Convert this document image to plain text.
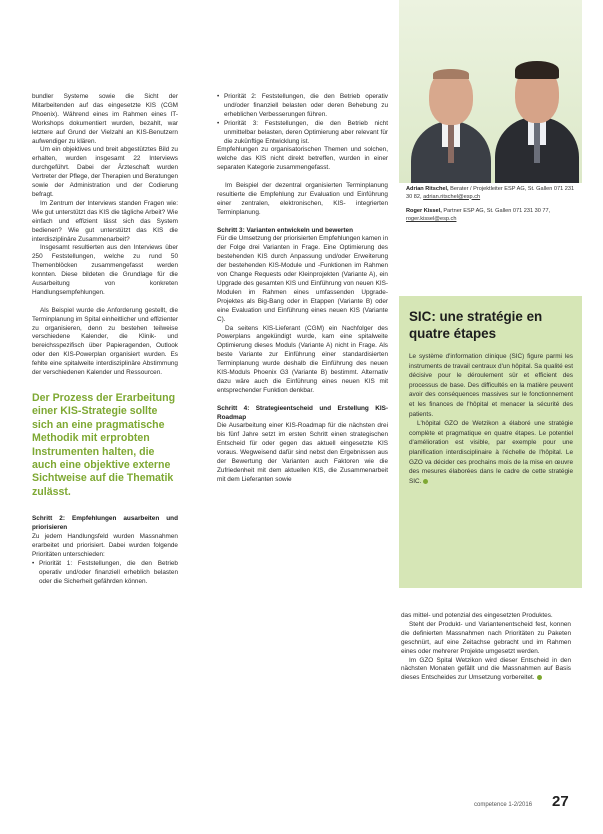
bundler Systeme sowie die Sicht der Mitarbeitenden auf das eingesetzte KIS (CGM Phoenix). Während eines im Rahmen eines IT-Workshops dokumentiert wurden, bezahlt, war letztere auf Grund der Vielzahl an KIS-Benutzern aufwendiger zu klären.

Um ein objektives und breit abgestütztes Bild zu erhalten, wurden insgesamt 22 Interviews durchgeführt. Dabei der Ärzteschaft wurden Vertreter der Pflege, der Therapien und Beratungen sowie der Administration und der Codierung befragt.

Im Zentrum der Interviews standen Fragen wie: Wie gut unterstützt das KIS die tägliche Arbeit? Wie einfach und effizient lässt sich das System bedienen? Wie gut unterstützt das KIS die interdisziplinäre Zusammenarbeit?

Insgesamt resultierten aus den Interviews über 250 Feststellungen, welche zu rund 50 Themenblöcken zusammengefasst werden konnten. Diese bildeten die Grundlage für die Ausarbeitung von konkreten Handlungsempfehlungen.

Als Beispiel wurde die Anforderung gestellt, die Terminplanung im Spital einheitlicher und effizienter zu organisieren, denn zu bestehen teilweise verschiedene Kalender, die Klinik- und bereichsspezifisch über Papieragenden, Outlook oder den KIS-Powerplan organisiert wurden. Es fehlte eine spitalweite interdisziplinäre Abstimmung der verschiedenen Kalender und Ressourcen.

Der Prozess der Erarbeitung einer KIS-Strategie sollte sich an eine pragmatische Methodik mit erprobten Instrumenten halten, die auch eine objektive externe Sichtweise auf die Thematik zulässt.

Schritt 2: Empfehlungen ausarbeiten und priorisieren

Zu jedem Handlungsfeld wurden Massnahmen erarbeitet und priorisiert. Dabei wurden folgende Prioritäten unterschieden:

• Priorität 1: Feststellungen, die den Betrieb operativ und/oder finanziell erheblich belasten oder die Sicherheit gefährden können.

• Priorität 2: Feststellungen, die den Betrieb operativ und/oder finanziell belasten oder deren Behebung zu erheblichen Verbesserungen führen.

• Priorität 3: Feststellungen, die den Betrieb nicht unmittelbar belasten, deren Optimierung aber relevant für die zukünftige Entwicklung ist.

Empfehlungen zu organisatorischen Themen und solchen, welche das KIS nicht direkt betreffen, wurden in einer separaten Kategorie zusammengefasst.

Im Beispiel der dezentral organisierten Terminplanung resultierte die Empfehlung zur Evaluation und Einführung einer zentralen, elektronischen, KIS- integrierten Terminplanung.

Schritt 3: Varianten entwickeln und bewerten

Für die Umsetzung der priorisierten Empfehlungen kamen in der Folge drei Varianten in Frage. Eine Optimierung des bestehenden KIS durch Anpassung und/oder Erweiterung der bestehenden KIS-Module und -Funktionen im Rahmen von Change Requests oder Kleinprojekten (Variante A), ein Upgrade des gesamten KIS und Einführung von neuen KIS-Modulen im Rahmen eines umfassenden Upgrade-Projektes als Big-Bang oder in Etappen (Variante B) oder eine Evaluation und Einführung eines neuen KIS (Variante C).

Da seitens KIS-Lieferant (CGM) ein Nachfolger des Powerplans angekündigt wurde, kam eine spitalweite Optimierung dieses Moduls (Variante A) nicht in Frage. Als beste Variante zur Einführung einer standardisierten Terminplanung wurde deshalb die Einführung des neuen KIS-Moduls Phoenix G3 (Variante B) bestimmt. Alternativ dazu wäre auch die Einführung eines neuen KIS mit entsprechender Funktion denkbar.

Schritt 4: Strategieentscheid und Erstellung KIS-Roadmap

Die Ausarbeitung einer KIS-Roadmap für die nächsten drei bis fünf Jahre setzt im ersten Schritt einen strategischen Entscheid für oder gegen das aktuell eingesetzte KIS voraus. Wegweisend dafür sind nebst den Ergebnissen aus der Bewertung der Varianten auch Faktoren wie die Zufriedenheit mit dem aktuellen KIS, die Zusammenarbeit mit dem Lieferanten sowie

Adrian Ritschel, Berater / Projektleiter ESP AG, St. Gallen 071 231 30 82, adrian.ritschel@esp.ch

Roger Kissel, Partner ESP AG, St. Gallen 071 231 30 77, roger.kissel@esp.ch

SIC: une stratégie en quatre étapes

Le système d'information clinique (SIC) figure parmi les instruments de travail centraux d'un hôpital. Sa qualité est décisive pour le déroulement sûr et efficient des processus de base. Des difficultés en la matière peuvent avoir des conséquences massives sur le fonctionnement et les finances de l'hôpital et menacer la sécurité des patients.

L'hôpital GZO de Wetzikon a élaboré une stratégie complète et pragmatique en quatre étapes. Le potentiel d'amélioration est visible, par exemple pour une planification interdisciplinaire à l'échelle de l'hôpital. Le GZO va décider ces prochains mois de la mise en œuvre des mesures élaborées dans le cadre de cette stratégie SIC.

das mittel- und potenzial des eingesetzten Produktes.

Steht der Produkt- und Variantenentscheid fest, konnen die definierten Massnahmen nach Prioritäten zu Paketen geschnürt, auf eine Zeitachse gebracht und im Rahmen eines oder mehrerer Projekte umgesetzt werden.

Im GZO Spital Wetzikon wird dieser Entscheid in den nächsten Monaten gefällt und die Massnahmen auf Basis dieses Entscheides zur Umsetzung vorbereitet.

competence 1-2/2016 27
